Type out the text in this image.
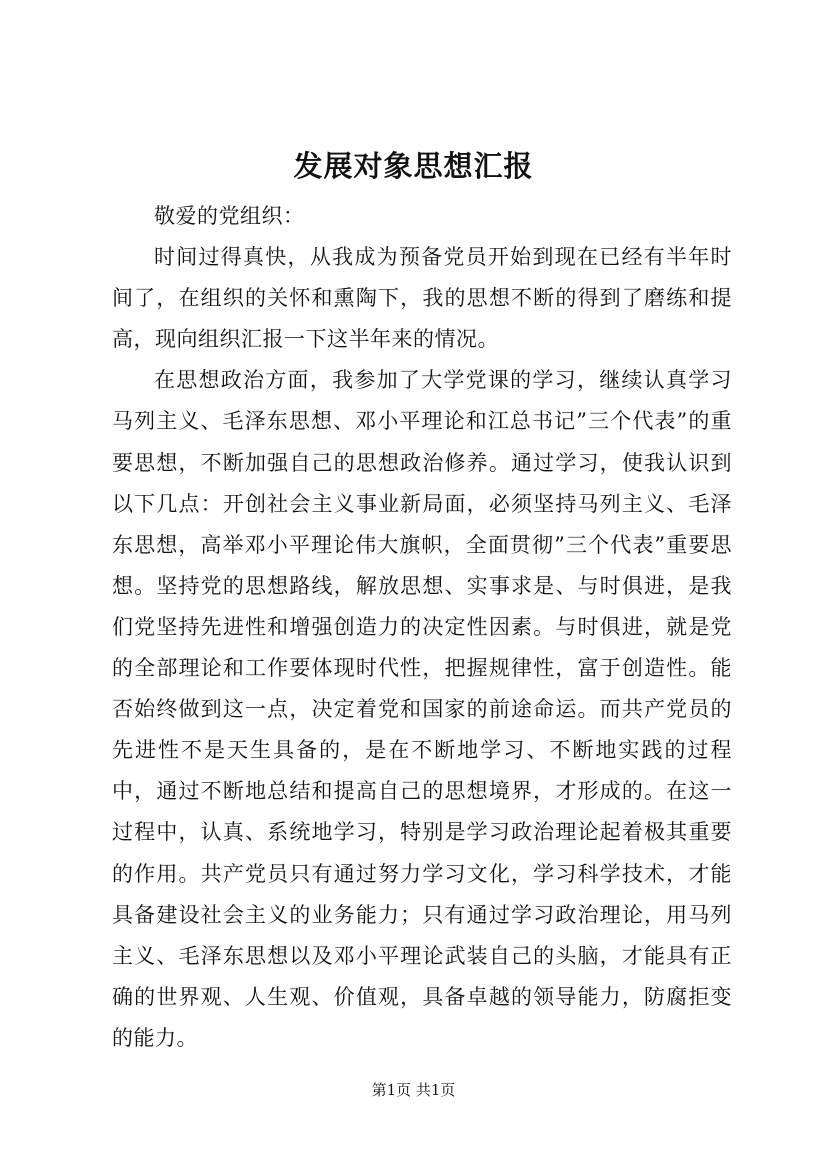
发展对象思想汇报

敬爱的党组织：

时间过得真快，从我成为预备党员开始到现在已经有半年时间了，在组织的关怀和熏陶下，我的思想不断的得到了磨练和提高，现向组织汇报一下这半年来的情况。

在思想政治方面，我参加了大学党课的学习，继续认真学习马列主义、毛泽东思想、邓小平理论和江总书记”三个代表”的重要思想，不断加强自己的思想政治修养。通过学习，使我认识到以下几点：开创社会主义事业新局面，必须坚持马列主义、毛泽东思想，高举邓小平理论伟大旗帜，全面贯彻”三个代表”重要思想。坚持党的思想路线，解放思想、实事求是、与时俱进，是我们党坚持先进性和增强创造力的决定性因素。与时俱进，就是党的全部理论和工作要体现时代性，把握规律性，富于创造性。能否始终做到这一点，决定着党和国家的前途命运。而共产党员的先进性不是天生具备的，是在不断地学习、不断地实践的过程中，通过不断地总结和提高自己的思想境界，才形成的。在这一过程中，认真、系统地学习，特别是学习政治理论起着极其重要的作用。共产党员只有通过努力学习文化，学习科学技术，才能具备建设社会主义的业务能力；只有通过学习政治理论，用马列主义、毛泽东思想以及邓小平理论武装自己的头脑，才能具有正确的世界观、人生观、价值观，具备卓越的领导能力，防腐拒变的能力。

第1页 共1页
